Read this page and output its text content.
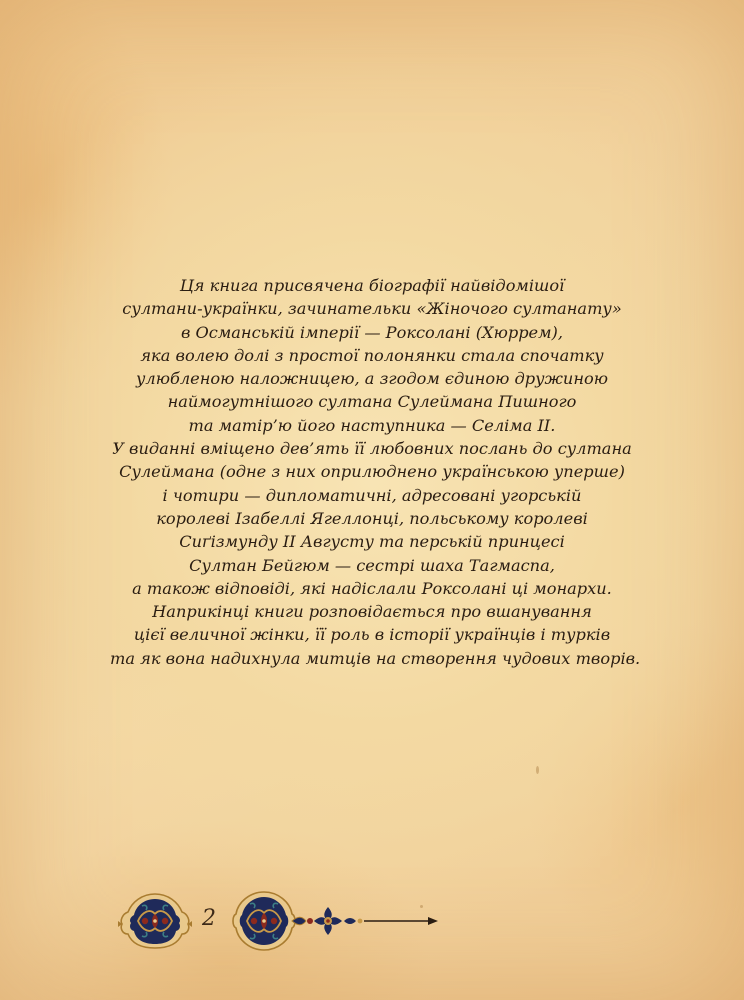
Ця книга присвячена біографії найвідомішої
султани-українки, зачинательки «Жіночого султанату»
в Османській імперії — Роксолані (Хюррем),
яка волею долі з простої полонянки стала спочатку
улюбленою наложницею, а згодом єдиною дружиною
наймогутнішого султана Сулеймана Пишного
та матір’ю його наступника — Селіма ІІ.
У виданні вміщено дев’ять її любовних послань до султана
Сулеймана (одне з них оприлюднено українською уперше)
і чотири — дипломатичні, адресовані угорській
королеві Ізабеллі Ягеллонці, польському королеві
Сиґізмунду ІІ Августу та перській принцесі
Султан Бейгюм — сестрі шаха Тагмаспа,
а також відповіді, які надіслали Роксолані ці монархи.
Наприкінці книги розповідається про вшанування
цієї величної жінки, її роль в історії українців і турків
та як вона надихнула митців на створення чудових творів.

2
